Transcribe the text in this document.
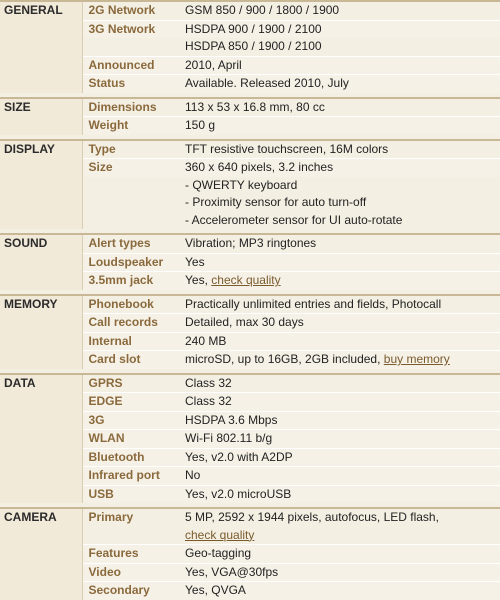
GENERAL	2G Network	GSM 850 / 900 / 1800 / 1900
	3G Network	HSDPA 900 / 1900 / 2100
		HSDPA 850 / 1900 / 2100
	Announced	2010, April
	Status	Available. Released 2010, July

SIZE	Dimensions	113 x 53 x 16.8 mm, 80 cc
	Weight	150 g

DISPLAY	Type	TFT resistive touchscreen, 16M colors
	Size	360 x 640 pixels, 3.2 inches
		- QWERTY keyboard
		- Proximity sensor for auto turn-off
		- Accelerometer sensor for UI auto-rotate

SOUND	Alert types	Vibration; MP3 ringtones
	Loudspeaker	Yes
	3.5mm jack	Yes, check quality

MEMORY	Phonebook	Practically unlimited entries and fields, Photocall
	Call records	Detailed, max 30 days
	Internal	240 MB
	Card slot	microSD, up to 16GB, 2GB included, buy memory

DATA	GPRS	Class 32
	EDGE	Class 32
	3G	HSDPA 3.6 Mbps
	WLAN	Wi-Fi 802.11 b/g
	Bluetooth	Yes, v2.0 with A2DP
	Infrared port	No
	USB	Yes, v2.0 microUSB

CAMERA	Primary	5 MP, 2592 x 1944 pixels, autofocus, LED flash,
		check quality
	Features	Geo-tagging
	Video	Yes, VGA@30fps
	Secondary	Yes, QVGA
